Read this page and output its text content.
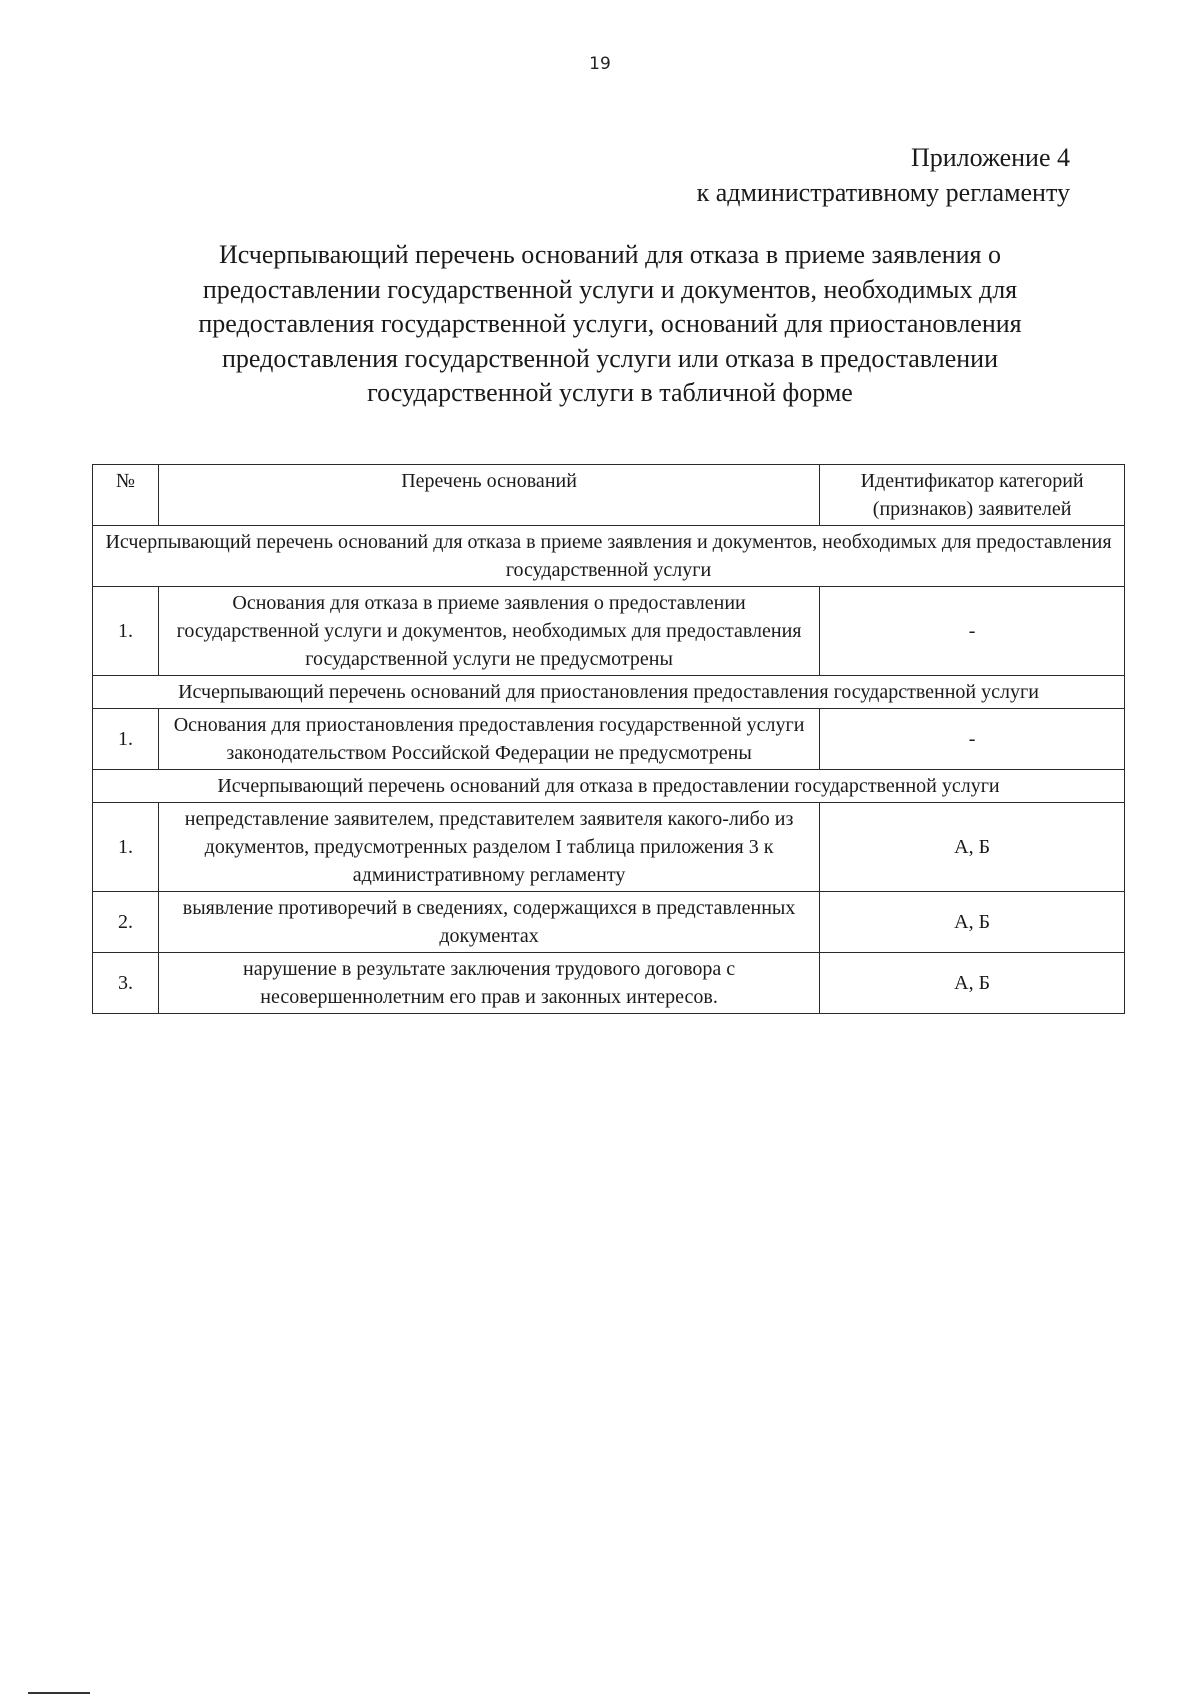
19
Приложение 4
к административному регламенту
Исчерпывающий перечень оснований для отказа в приеме заявления о
предоставлении государственной услуги и документов, необходимых для
предоставления государственной услуги, оснований для приостановления
предоставления государственной услуги или отказа в предоставлении
государственной услуги в табличной форме
№	Перечень оснований	Идентификатор категорий (признаков) заявителей
Исчерпывающий перечень оснований для отказа в приеме заявления и документов, необходимых для предоставления государственной услуги		
1.	Основания для отказа в приеме заявления о предоставлении государственной услуги и документов, необходимых для предоставления государственной услуги не предусмотрены	-
Исчерпывающий перечень оснований для приостановления предоставления государственной услуги		
1.	Основания для приостановления предоставления государственной услуги законодательством Российской Федерации не предусмотрены	-
Исчерпывающий перечень оснований для отказа в предоставлении государственной услуги		
1.	непредставление заявителем, представителем заявителя какого-либо из документов, предусмотренных разделом I таблица приложения 3 к административному регламенту	А, Б
2.	выявление противоречий в сведениях, содержащихся в представленных документах	А, Б
3.	нарушение в результате заключения трудового договора с несовершеннолетним его прав и законных интересов.	А, Б
